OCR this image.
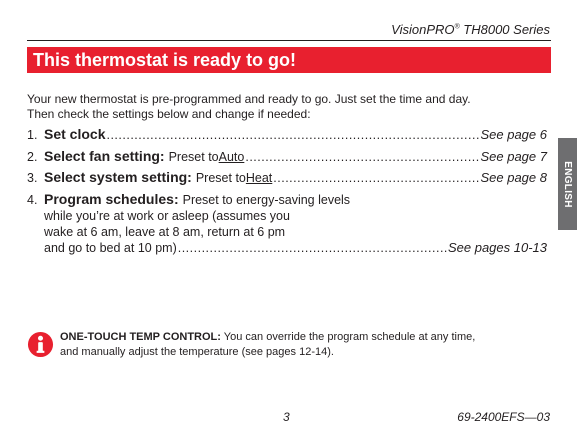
VisionPRO® TH8000 Series
This thermostat is ready to go!
Your new thermostat is pre-programmed and ready to go. Just set the time and day.
Then check the settings below and change if needed:
1. Set clock .....	See page 6
2. Select fan setting: Preset to Auto .....	See page 7
3. Select system setting: Preset to Heat .....	See page 8
4. Program schedules: Preset to energy-saving levels
while you’re at work or asleep (assumes you
wake at 6 am, leave at 8 am, return at 6 pm
and go to bed at 10 pm) .....	See pages 10-13
ENGLISH
ONE-TOUCH TEMP CONTROL: You can override the program schedule at any time,
and manually adjust the temperature (see pages 12-14).
3	69-2400EFS—03
